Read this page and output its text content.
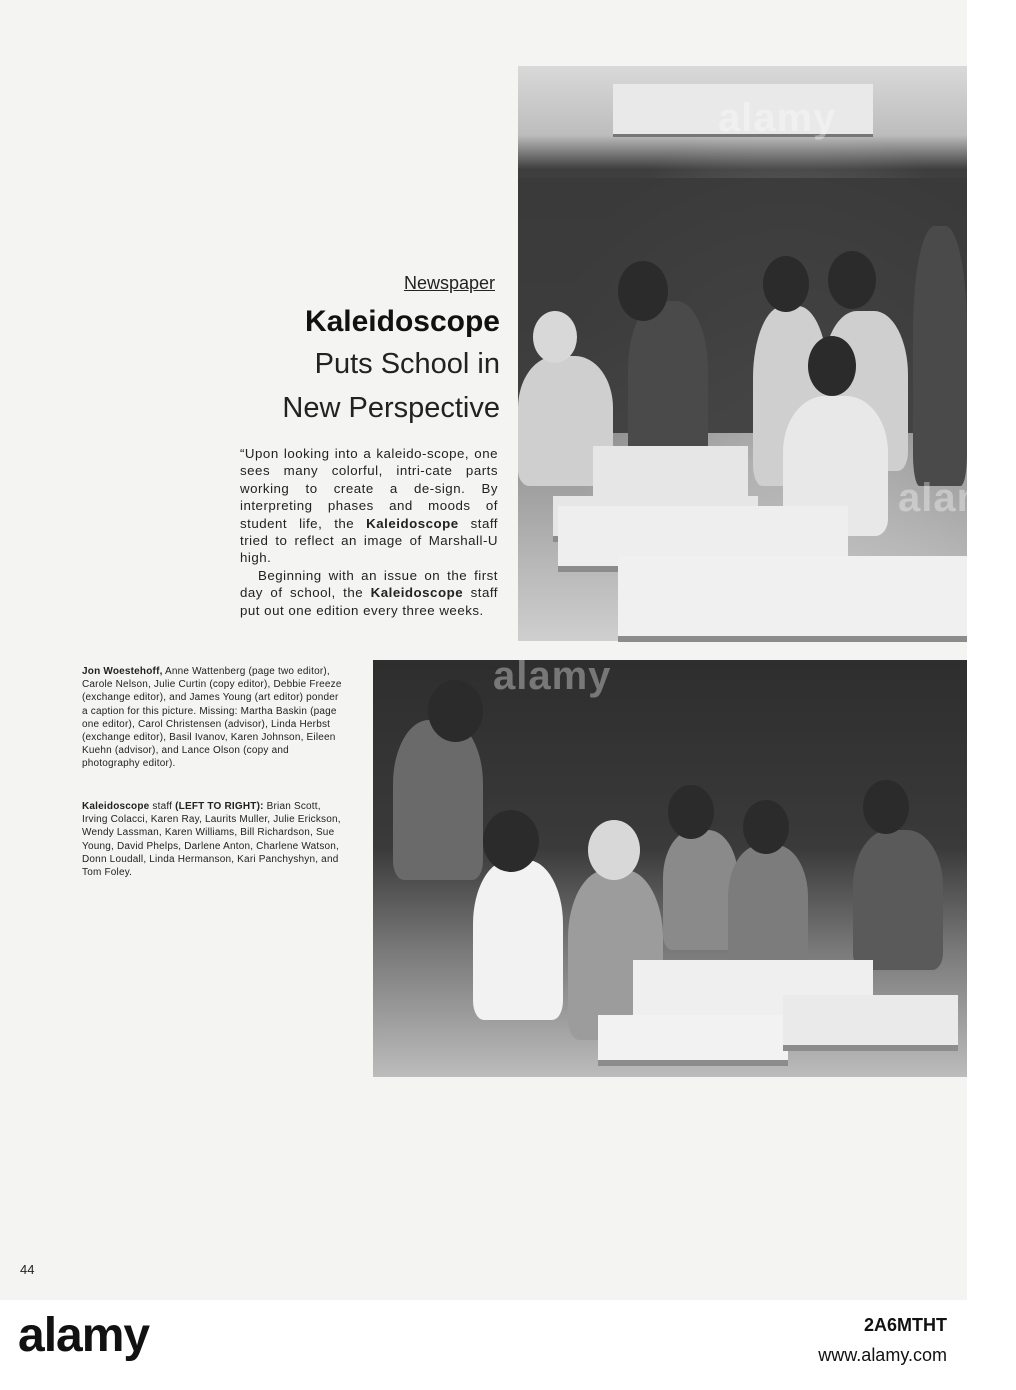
alamy
alamy
Newspaper
Kaleidoscope
Puts School in
New Perspective

“Upon looking into a kaleido-scope, one sees many colorful, intri-cate parts working to create a de-sign. By interpreting phases and moods of student life, the Kaleidoscope staff tried to reflect an image of Marshall-U high.

Beginning with an issue on the first day of school, the Kaleidoscope staff put out one edition every three weeks.

Jon Woestehoff, Anne Wattenberg (page two editor), Carole Nelson, Julie Curtin (copy editor), Debbie Freeze (exchange editor), and James Young (art editor) ponder a caption for this picture. Missing: Martha Baskin (page one editor), Carol Christensen (advisor), Linda Herbst (exchange editor), Basil Ivanov, Karen Johnson, Eileen Kuehn (advisor), and Lance Olson (copy and photography editor).
Kaleidoscope staff (LEFT TO RIGHT): Brian Scott, Irving Colacci, Karen Ray, Laurits Muller, Julie Erickson, Wendy Lassman, Karen Williams, Bill Richardson, Sue Young, David Phelps, Darlene Anton, Charlene Watson, Donn Loudall, Linda Hermanson, Kari Panchyshyn, and Tom Foley.
alamy
44
alamy	2A6MTHT
www.alamy.com
